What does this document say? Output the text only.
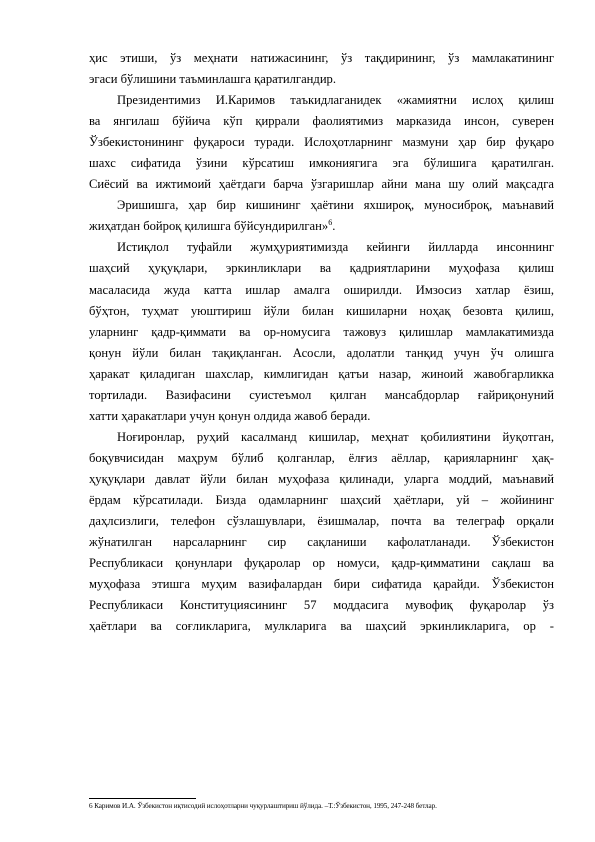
ҳис этиши, ўз меҳнати натижасининг, ўз тақдирининг, ўз мамлакатининг
эгаси бўлишини таъминлашга қаратилгандир.

Президентимиз И.Каримов таъкидлаганидек «жамиятни ислоҳ қилиш
ва янгилаш бўйича кўп қиррали фаолиятимиз марказида инсон, суверен
Ўзбекистонининг фуқароси туради. Ислоҳотларнинг мазмуни ҳар бир фуқаро
шахс сифатида ўзини кўрсатиш имкониягига эга бўлишига қаратилган.
Сиёсий ва ижтимоий ҳаётдаги барча ўзгаришлар айни мана шу олий мақсадга

Эришишга, ҳар бир кишининг ҳаётини яхшироқ, муносиброқ, маънавий
жиҳатдан бойроқ қилишга бўйсундирилган»$^6$.

Истиқлол туфайли жумҳуриятимизда кейинги йилларда инсоннинг
шаҳсий ҳуқуқлари, эркинликлари ва қадриятларини муҳофаза қилиш
масаласида жуда катта ишлар амалга оширилди. Имзосиз хатлар ёзиш,
бўҳтон, туҳмат уюштириш йўли билан кишиларни ноҳақ безовта қилиш,
уларнинг қадр-қиммати ва ор-номусига тажовуз қилишлар мамлакатимизда
қонун йўли билан тақиқланган. Асосли, адолатли танқид учун ўч олишга
ҳаракат қиладиган шахслар, кимлигидан қатъи назар, жиноий жавобгарликка
тортилади. Вазифасини суистеъмол қилган мансабдорлар ғайриқонуний
хатти ҳаракатлари учун қонун олдида жавоб беради.

Ноғиронлар, руҳий касалманд кишилар, меҳнат қобилиятини йуқотган,
боқувчисидан маҳрум бўлиб қолганлар, ёлғиз аёллар, қарияларнинг ҳақ-
ҳуқуқлари давлат йўли билан муҳофаза қилинади, уларга моддий, маънавий
ёрдам кўрсатилади. Бизда одамларнинг шаҳсий ҳаётлари, уй – жойининг
даҳлсизлиги, телефон сўзлашувлари, ёзишмалар, почта ва телеграф орқали
жўнатилган нарсаларнинг сир сақланиши кафолатланади. Ўзбекистон
Республикаси қонунлари фуқаролар ор номуси, қадр-қимматини сақлаш ва
муҳофаза этишга муҳим вазифалардан бири сифатида қарайди. Ўзбекистон
Республикаси Конституциясининг 57 моддасига мувофиқ фуқаролар ўз
ҳаётлари ва соғликларига, мулкларига ва шаҳсий эркинликларига, ор -

6 Каримов И.А. Ўзбекистон иқтисодий ислоҳотларни чуқурлаштириш йўлида. –Т.:Ўзбекистон, 1995, 247-248 бетлар.
